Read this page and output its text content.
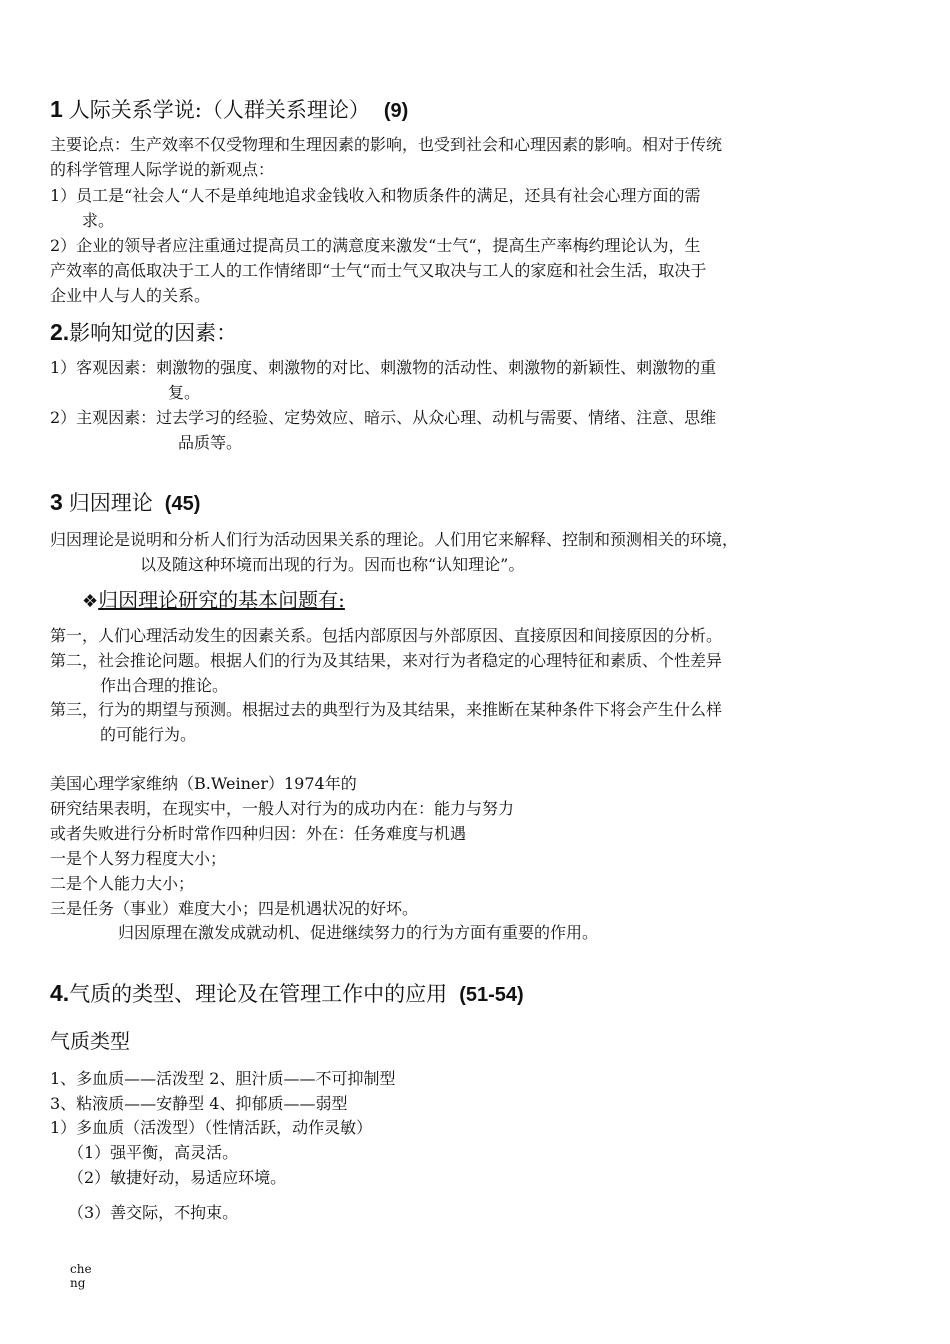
1 人际关系学说:（人群关系理论） (9)
主要论点：生产效率不仅受物理和生理因素的影响，也受到社会和心理因素的影响。相对于传统
的科学管理人际学说的新观点：
1）员工是“社会人“人不是单纯地追求金钱收入和物质条件的满足，还具有社会心理方面的需
求。
2）企业的领导者应注重通过提高员工的满意度来激发“士气“，提高生产率梅约理论认为，生
产效率的高低取决于工人的工作情绪即“士气“而士气又取决与工人的家庭和社会生活，取决于
企业中人与人的关系。
2.影响知觉的因素：
1）客观因素：刺激物的强度、刺激物的对比、刺激物的活动性、刺激物的新颖性、刺激物的重
复。
2）主观因素：过去学习的经验、定势效应、暗示、从众心理、动机与需要、情绪、注意、思维
品质等。
3 归因理论 (45)
归因理论是说明和分析人们行为活动因果关系的理论。人们用它来解释、控制和预测相关的环境，
以及随这种环境而出现的行为。因而也称“认知理论”。
❖归因理论研究的基本问题有:
第一，人们心理活动发生的因素关系。包括内部原因与外部原因、直接原因和间接原因的分析。
第二，社会推论问题。根据人们的行为及其结果，来对行为者稳定的心理特征和素质、个性差异
作出合理的推论。
第三，行为的期望与预测。根据过去的典型行为及其结果，来推断在某种条件下将会产生什么样
的可能行为。
美国心理学家维纳（B.Weiner）1974年的
研究结果表明，在现实中，一般人对行为的成功内在：能力与努力
或者失败进行分析时常作四种归因：外在：任务难度与机遇
一是个人努力程度大小；
二是个人能力大小；
三是任务（事业）难度大小；四是机遇状况的好坏。
归因原理在激发成就动机、促进继续努力的行为方面有重要的作用。
4.气质的类型、理论及在管理工作中的应用 (51-54)
气质类型
1、多血质——活泼型 2、胆汁质——不可抑制型
3、粘液质——安静型 4、抑郁质——弱型
1）多血质（活泼型）（性情活跃，动作灵敏）
（1）强平衡，高灵活。
（2）敏捷好动，易适应环境。
（3）善交际，不拘束。
che
ng
